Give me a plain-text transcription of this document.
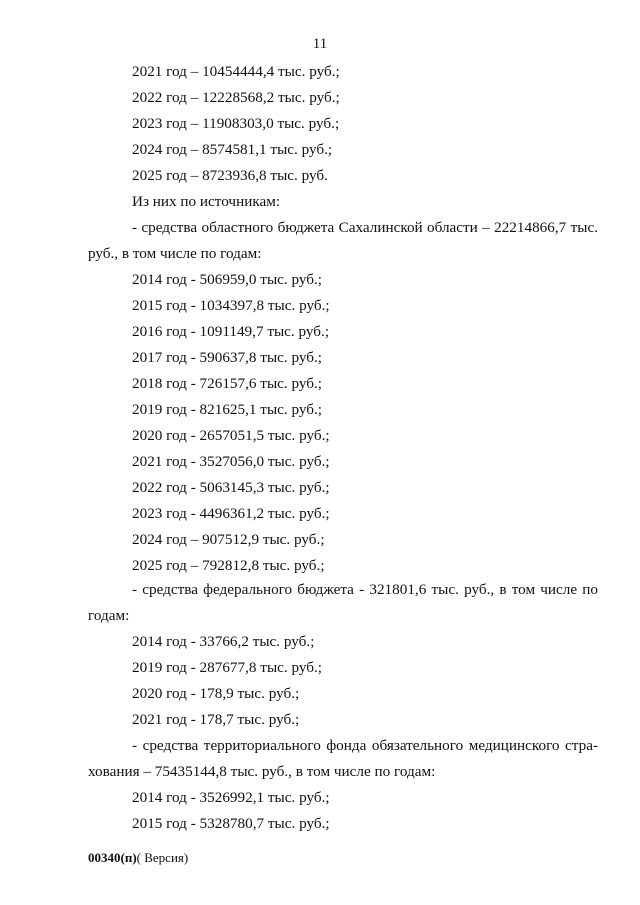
11
2021 год – 10454444,4 тыс. руб.;
2022 год – 12228568,2 тыс. руб.;
2023 год – 11908303,0 тыс. руб.;
2024 год – 8574581,1 тыс. руб.;
2025 год – 8723936,8 тыс. руб.
Из них по источникам:
- средства областного бюджета Сахалинской области – 22214866,7 тыс.
руб., в том числе по годам:
2014 год - 506959,0 тыс. руб.;
2015 год - 1034397,8 тыс. руб.;
2016 год - 1091149,7 тыс. руб.;
2017 год - 590637,8 тыс. руб.;
2018 год - 726157,6 тыс. руб.;
2019 год - 821625,1 тыс. руб.;
2020 год - 2657051,5 тыс. руб.;
2021 год - 3527056,0 тыс. руб.;
2022 год - 5063145,3 тыс. руб.;
2023 год - 4496361,2 тыс. руб.;
2024 год – 907512,9 тыс. руб.;
2025 год – 792812,8 тыс. руб.;
- средства федерального бюджета - 321801,6 тыс. руб., в том числе по
годам:
2014 год - 33766,2 тыс. руб.;
2019 год - 287677,8 тыс. руб.;
2020 год - 178,9 тыс. руб.;
2021 год - 178,7 тыс. руб.;
- средства территориального фонда обязательного медицинского стра-
хования – 75435144,8 тыс. руб., в том числе по годам:
2014 год - 3526992,1 тыс. руб.;
2015 год - 5328780,7 тыс. руб.;
00340(п)( Версия)
